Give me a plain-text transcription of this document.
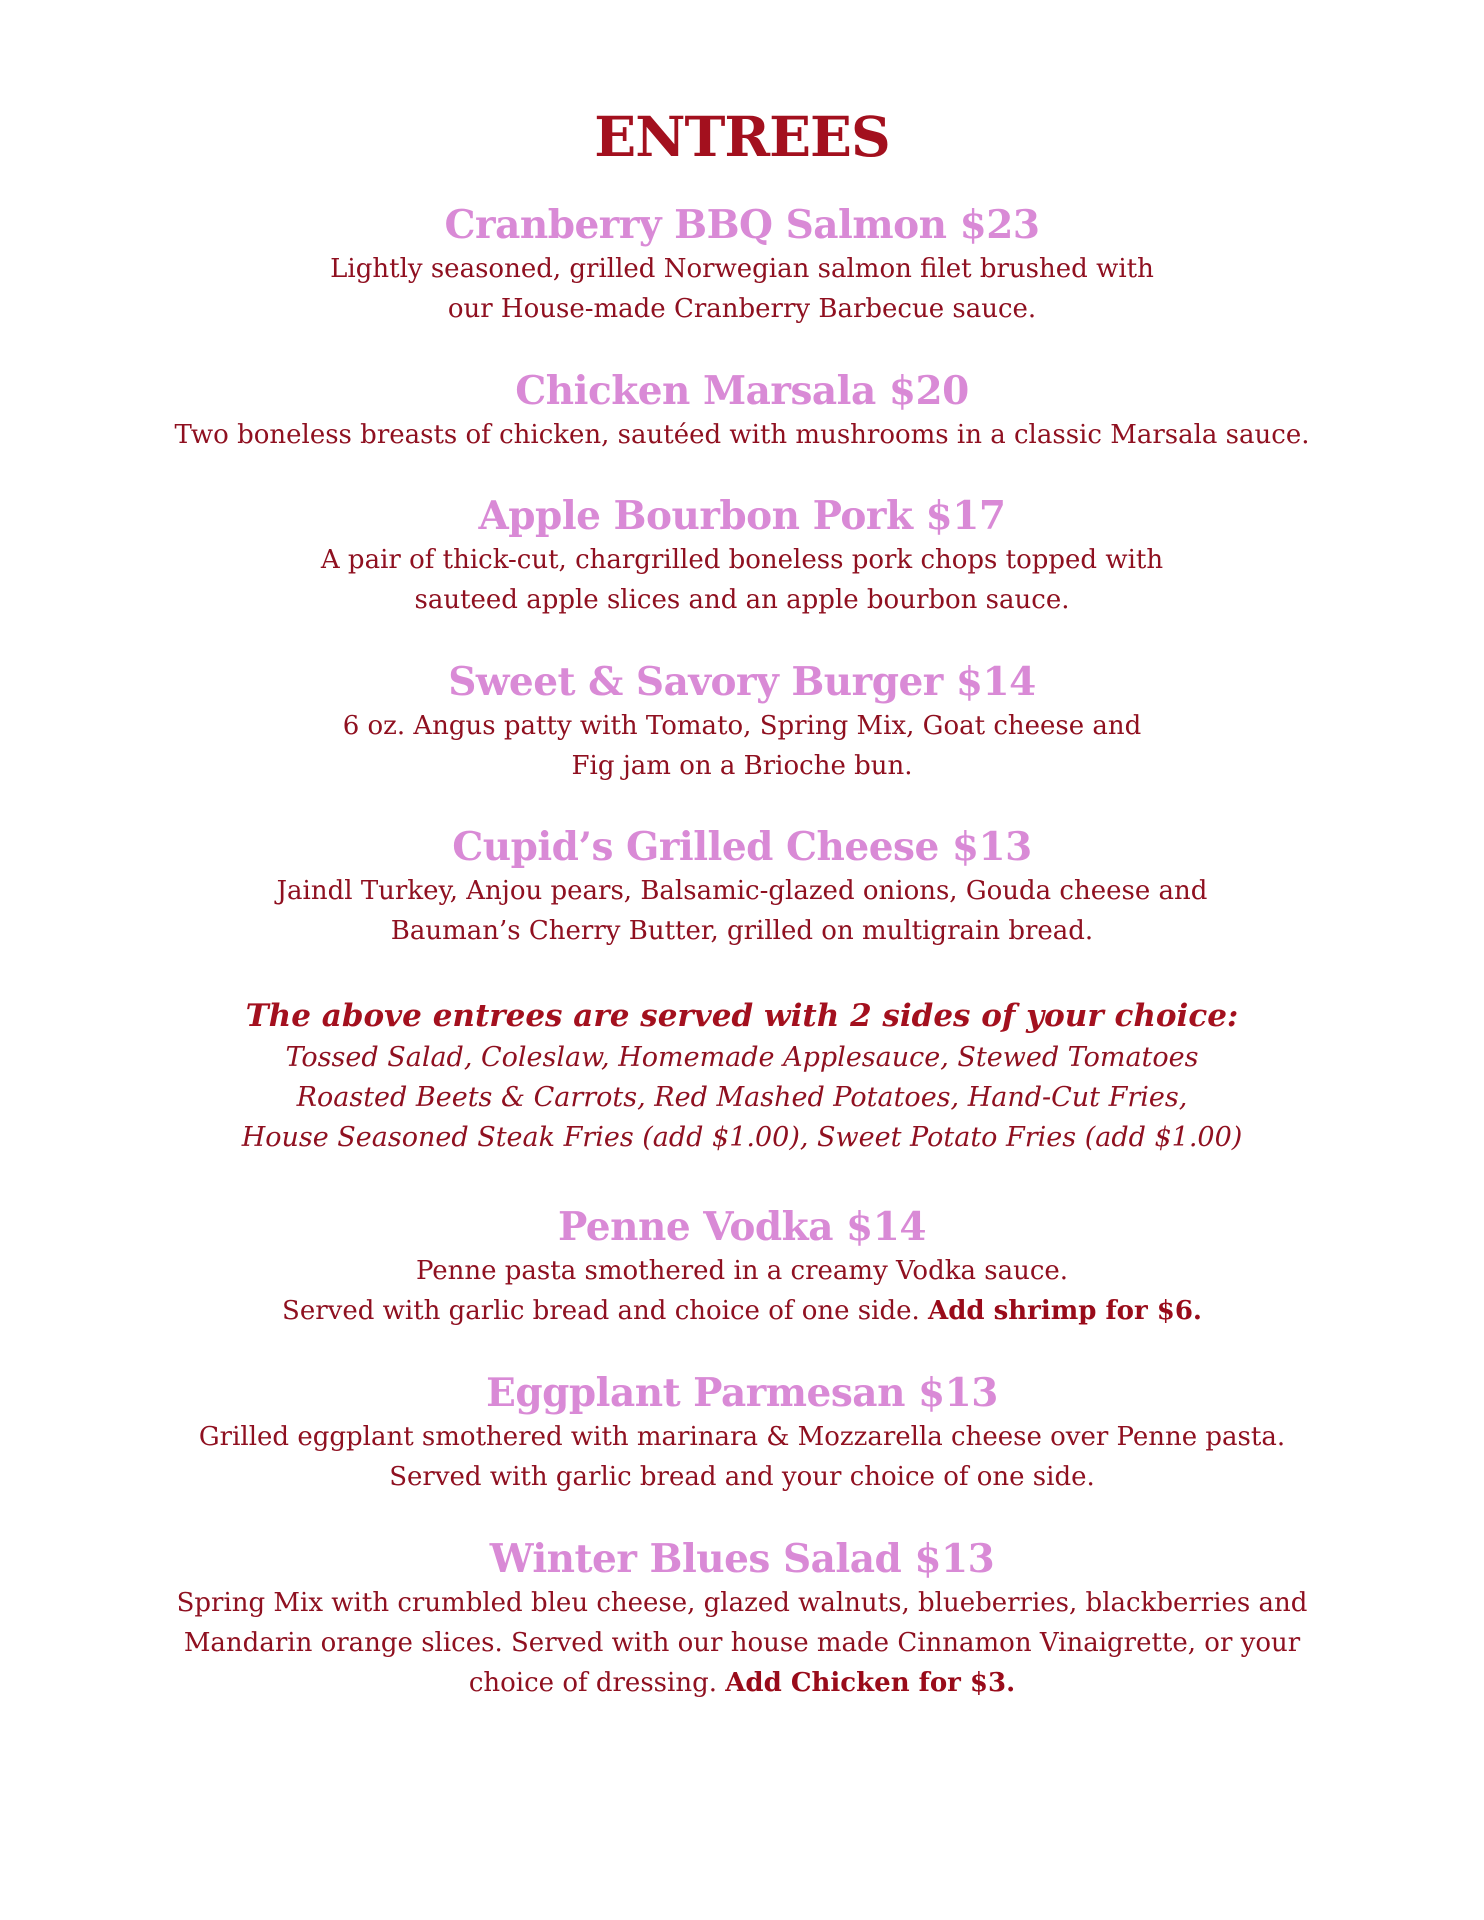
ENTREES
Cranberry BBQ Salmon $23
Lightly seasoned, grilled Norwegian salmon filet brushed with
our House-made Cranberry Barbecue sauce.
Chicken Marsala $20
Two boneless breasts of chicken, sautéed with mushrooms in a classic Marsala sauce.
Apple Bourbon Pork $17
A pair of thick-cut, chargrilled boneless pork chops topped with
sauteed apple slices and an apple bourbon sauce.
Sweet & Savory Burger $14
6 oz. Angus patty with Tomato, Spring Mix, Goat cheese and
Fig jam on a Brioche bun.
Cupid’s Grilled Cheese $13
Jaindl Turkey, Anjou pears, Balsamic-glazed onions, Gouda cheese and
Bauman’s Cherry Butter, grilled on multigrain bread.
The above entrees are served with 2 sides of your choice:
Tossed Salad, Coleslaw, Homemade Applesauce, Stewed Tomatoes
Roasted Beets & Carrots, Red Mashed Potatoes, Hand-Cut Fries,
House Seasoned Steak Fries (add $1.00), Sweet Potato Fries (add $1.00)
Penne Vodka $14
Penne pasta smothered in a creamy Vodka sauce.
Served with garlic bread and choice of one side. Add shrimp for $6.
Eggplant Parmesan $13
Grilled eggplant smothered with marinara & Mozzarella cheese over Penne pasta.
Served with garlic bread and your choice of one side.
Winter Blues Salad $13
Spring Mix with crumbled bleu cheese, glazed walnuts, blueberries, blackberries and
Mandarin orange slices. Served with our house made Cinnamon Vinaigrette, or your
choice of dressing. Add Chicken for $3.
